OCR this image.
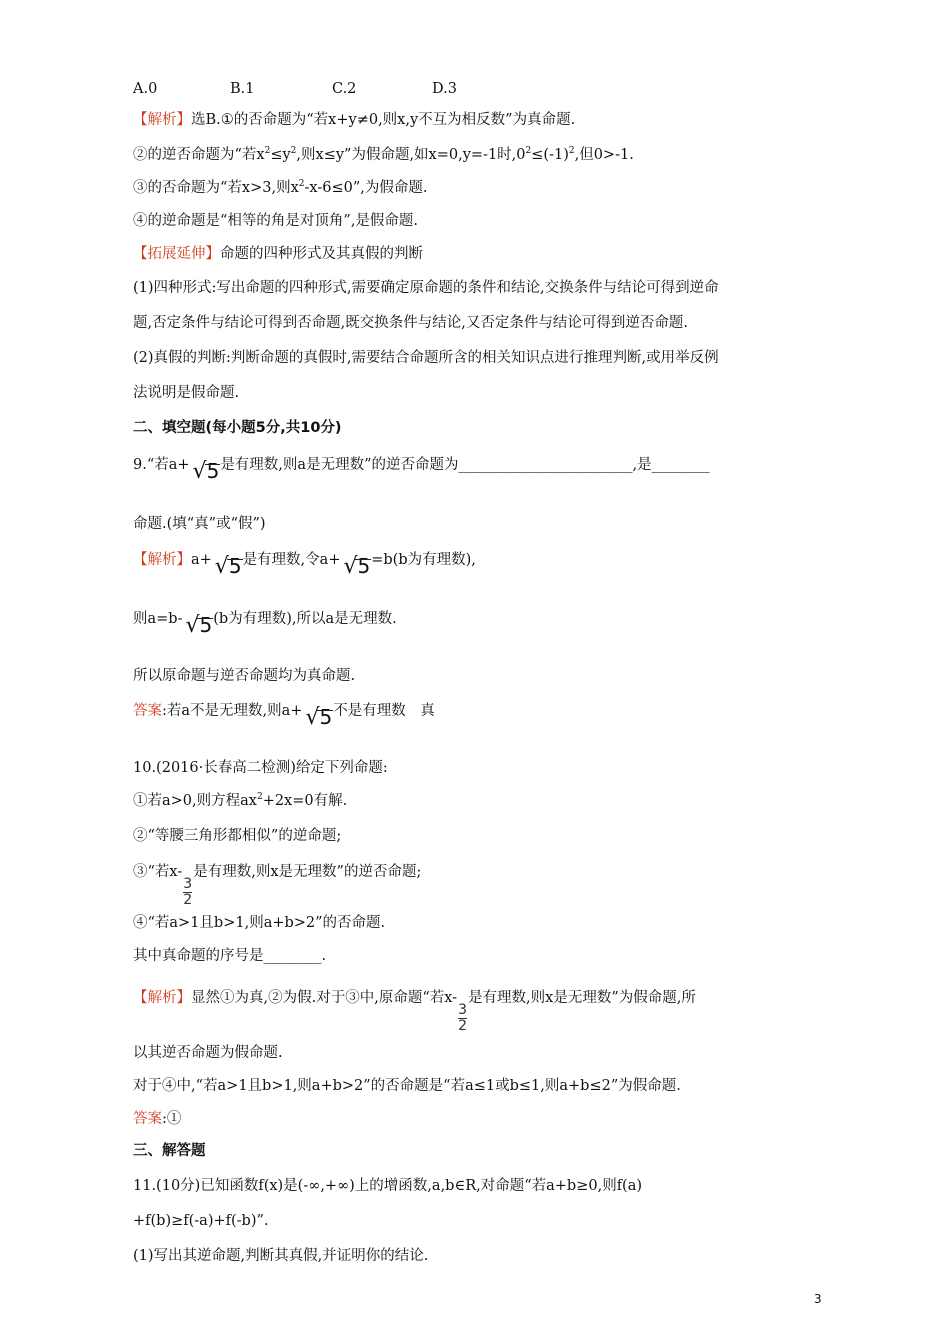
A.0	B.1	C.2	D.3
【解析】选B.①的否命题为“若x+y≠0,则x,y不互为相反数”为真命题.
②的逆否命题为“若$x^2\le y^2$,则x≤y”为假命题,如x=0,y=-1时$,0^2\le(-1)^2$,但0>-1.
③的否命题为“若x>3,则$x^2-x-6\le 0$”,为假命题.
④的逆命题是“相等的角是对顶角”,是假命题.
【拓展延伸】命题的四种形式及其真假的判断
(1)四种形式:写出命题的四种形式,需要确定原命题的条件和结论,交换条件与结论可得到逆命
题,否定条件与结论可得到否命题,既交换条件与结论,又否定条件与结论可得到逆否命题.
(2)真假的判断:判断命题的真假时,需要结合命题所含的相关知识点进行推理判断,或用举反例
法说明是假命题.
二、填空题(每小题5分,共10分)
9.“若a+ √
5是有理数,则a是无理数”的逆否命题为________________________,是________
命题.(填“真”或“假”)
【解析】a+ √
5是有理数,令a+ √
5=b(b为有理数),
则a=b- √
5(b为有理数),所以a是无理数.
所以原命题与逆否命题均为真命题.
答案:若a不是无理数,则a+ √
5不是有理数　真
10.(2016·长春高二检测)给定下列命题:
①若a>0,则方程$ax^2+2x=0$有解.
②“等腰三角形都相似”的逆命题;
③“若x-
$\frac{3}{2}$
是有理数,则x是无理数”的逆否命题;
④“若a>1且b>1,则a+b>2”的否命题.
其中真命题的序号是________.
【解析】显然①为真,②为假.对于③中,原命题“若x-
$\frac{3}{2}$
是有理数,则x是无理数”为假命题,所
以其逆否命题为假命题.
对于④中,“若a>1且b>1,则a+b>2”的否命题是“若a≤1或b≤1,则a+b≤2”为假命题.
答案:①
三、解答题
11.(10分)已知函数f(x)是(-∞,+∞)上的增函数,a,b∈R,对命题“若a+b≥0,则f(a)
+f(b)≥f(-a)+f(-b)”.
(1)写出其逆命题,判断其真假,并证明你的结论.
3
